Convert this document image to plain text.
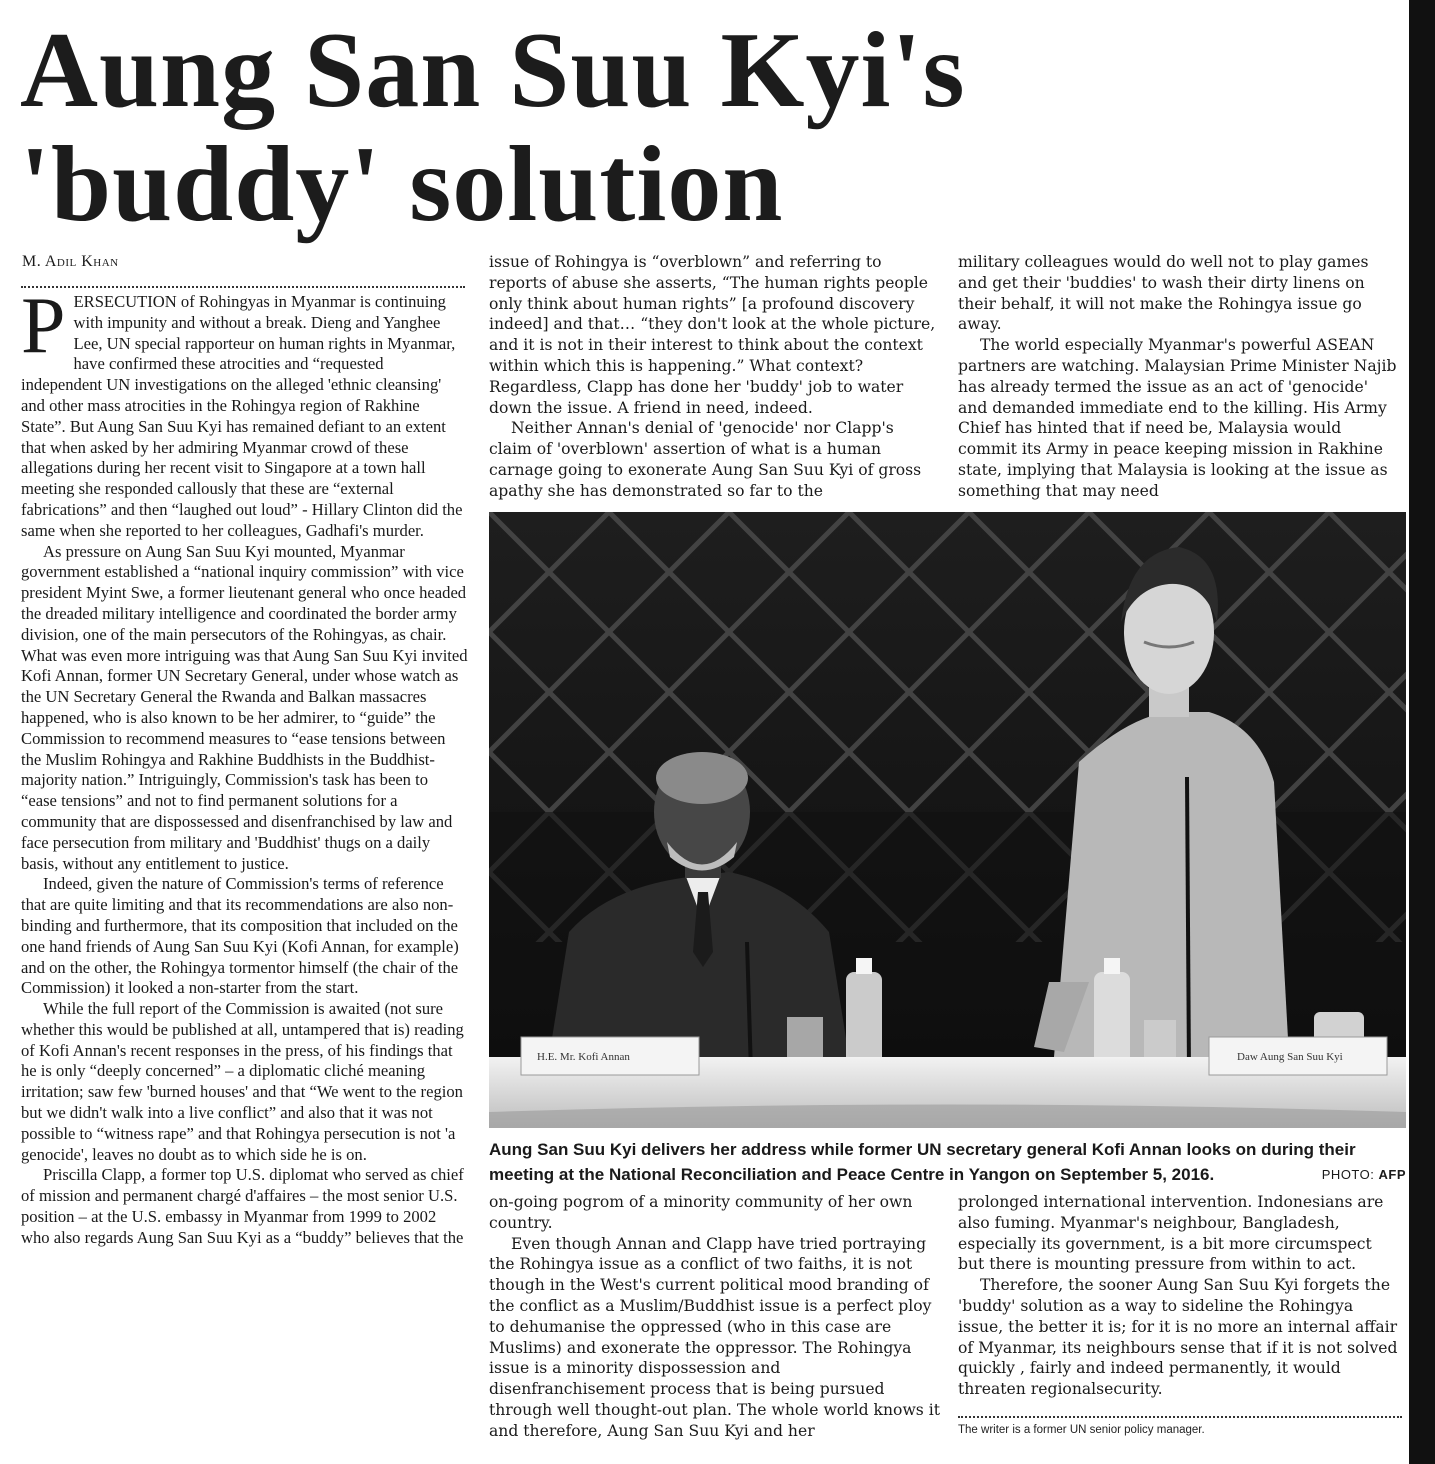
Aung San Suu Kyi's
'buddy' solution
M. Adil Khan

PERSECUTION of Rohingyas in Myanmar is continuing with impunity and without a break. Dieng and Yanghee Lee, UN special rapporteur on human rights in Myanmar, have confirmed these atrocities and “requested independent UN investigations on the alleged 'ethnic cleansing' and other mass atrocities in the Rohingya region of Rakhine State”. But Aung San Suu Kyi has remained defiant to an extent that when asked by her admiring Myanmar crowd of these allegations during her recent visit to Singapore at a town hall meeting she responded callously that these are “external fabrications” and then “laughed out loud” - Hillary Clinton did the same when she reported to her colleagues, Gadhafi's murder.

As pressure on Aung San Suu Kyi mounted, Myanmar government established a “national inquiry commission” with vice president Myint Swe, a former lieutenant general who once headed the dreaded military intelligence and coordinated the border army division, one of the main persecutors of the Rohingyas, as chair. What was even more intriguing was that Aung San Suu Kyi invited Kofi Annan, former UN Secretary General, under whose watch as the UN Secretary General the Rwanda and Balkan massacres happened, who is also known to be her admirer, to “guide” the Commission to recommend measures to “ease tensions between the Muslim Rohingya and Rakhine Buddhists in the Buddhist-majority nation.” Intriguingly, Commission's task has been to “ease tensions” and not to find permanent solutions for a community that are dispossessed and disenfranchised by law and face persecution from military and 'Buddhist' thugs on a daily basis, without any entitlement to justice.

Indeed, given the nature of Commission's terms of reference that are quite limiting and that its recommendations are also non-binding and furthermore, that its composition that included on the one hand friends of Aung San Suu Kyi (Kofi Annan, for example) and on the other, the Rohingya tormentor himself (the chair of the Commission) it looked a non-starter from the start.

While the full report of the Commission is awaited (not sure whether this would be published at all, untampered that is) reading of Kofi Annan's recent responses in the press, of his findings that he is only “deeply concerned” – a diplomatic cliché meaning irritation; saw few 'burned houses' and that “We went to the region but we didn't walk into a live conflict” and also that it was not possible to “witness rape” and that Rohingya persecution is not 'a genocide', leaves no doubt as to which side he is on.

Priscilla Clapp, a former top U.S. diplomat who served as chief of mission and permanent chargé d'affaires – the most senior U.S. position – at the U.S. embassy in Myanmar from 1999 to 2002 who also regards Aung San Suu Kyi as a “buddy” believes that the

issue of Rohingya is “overblown” and referring to reports of abuse she asserts, “The human rights people only think about human rights” [a profound discovery indeed] and that… “they don't look at the whole picture, and it is not in their interest to think about the context within which this is happening.” What context? Regardless, Clapp has done her 'buddy' job to water down the issue. A friend in need, indeed.

Neither Annan's denial of 'genocide' nor Clapp's claim of 'overblown' assertion of what is a human carnage going to exonerate Aung San Suu Kyi of gross apathy she has demonstrated so far to the

military colleagues would do well not to play games and get their 'buddies' to wash their dirty linens on their behalf, it will not make the Rohingya issue go away.

The world especially Myanmar's powerful ASEAN partners are watching. Malaysian Prime Minister Najib has already termed the issue as an act of 'genocide' and demanded immediate end to the killing. His Army Chief has hinted that if need be, Malaysia would commit its Army in peace keeping mission in Rakhine state, implying that Malaysia is looking at the issue as something that may need

H.E. Mr. Kofi Annan	Daw Aung San Suu Kyi
Aung San Suu Kyi delivers her address while former UN secretary general Kofi Annan looks on during their meeting at the National Reconciliation and Peace Centre in Yangon on September 5, 2016.	PHOTO: AFP

on-going pogrom of a minority community of her own country.

Even though Annan and Clapp have tried portraying the Rohingya issue as a conflict of two faiths, it is not though in the West's current political mood branding of the conflict as a Muslim/Buddhist issue is a perfect ploy to dehumanise the oppressed (who in this case are Muslims) and exonerate the oppressor. The Rohingya issue is a minority dispossession and disenfranchisement process that is being pursued through well thought-out plan. The whole world knows it and therefore, Aung San Suu Kyi and her

prolonged international intervention. Indonesians are also fuming. Myanmar's neighbour, Bangladesh, especially its government, is a bit more circumspect but there is mounting pressure from within to act.

Therefore, the sooner Aung San Suu Kyi forgets the 'buddy' solution as a way to sideline the Rohingya issue, the better it is; for it is no more an internal affair of Myanmar, its neighbours sense that if it is not solved quickly , fairly and indeed permanently, it would threaten regionalsecurity.

The writer is a former UN senior policy manager.
